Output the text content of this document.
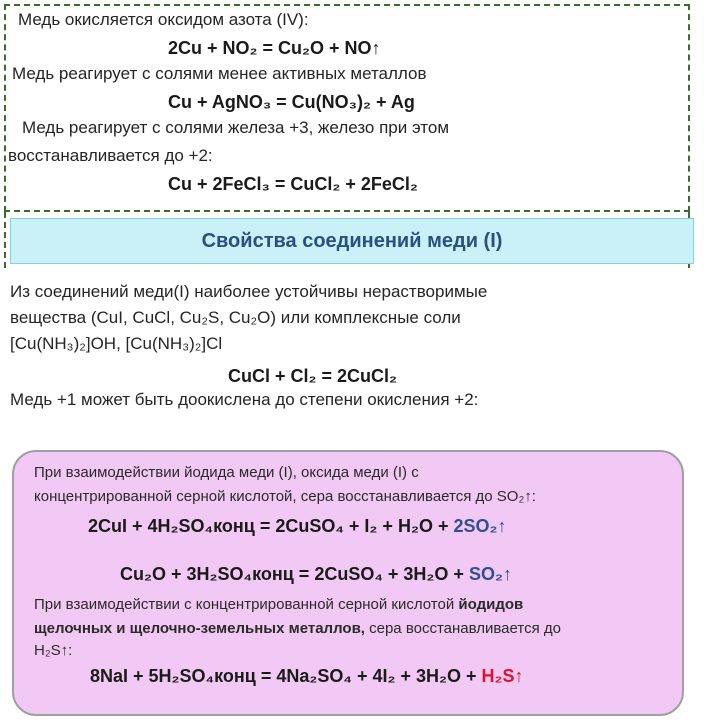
Медь окисляется оксидом азота (IV):
2Cu + NO₂ = Cu₂O + NO↑
Медь реагирует с солями менее активных металлов
Cu + AgNO₃ = Cu(NO₃)₂ + Ag
Медь реагирует с солями железа +3, железо при этом
восстанавливается до +2:
Cu + 2FeCl₃ = CuCl₂ + 2FeCl₂
Свойства соединений меди (I)
Из соединений меди(I) наиболее устойчивы нерастворимые
вещества (CuI, CuCl, Cu₂S, Cu₂O) или комплексные соли
[Cu(NH₃)₂]OH, [Cu(NH₃)₂]Cl
CuCl + Cl₂ = 2CuCl₂
Медь +1 может быть доокислена до степени окисления +2:
При взаимодействии йодида меди (I), оксида меди (I) с
концентрированной серной кислотой, сера восстанавливается до SO₂↑:
2CuI + 4H₂SO₄конц = 2CuSO₄ + I₂ + H₂O + 2SO₂↑
Cu₂O + 3H₂SO₄конц = 2CuSO₄ + 3H₂O + SO₂↑
При взаимодействии с концентрированной серной кислотой йодидов
щелочных и щелочно-земельных металлов, сера восстанавливается до
H₂S↑:
8NaI + 5H₂SO₄конц = 4Na₂SO₄ + 4I₂ + 3H₂O + H₂S↑
